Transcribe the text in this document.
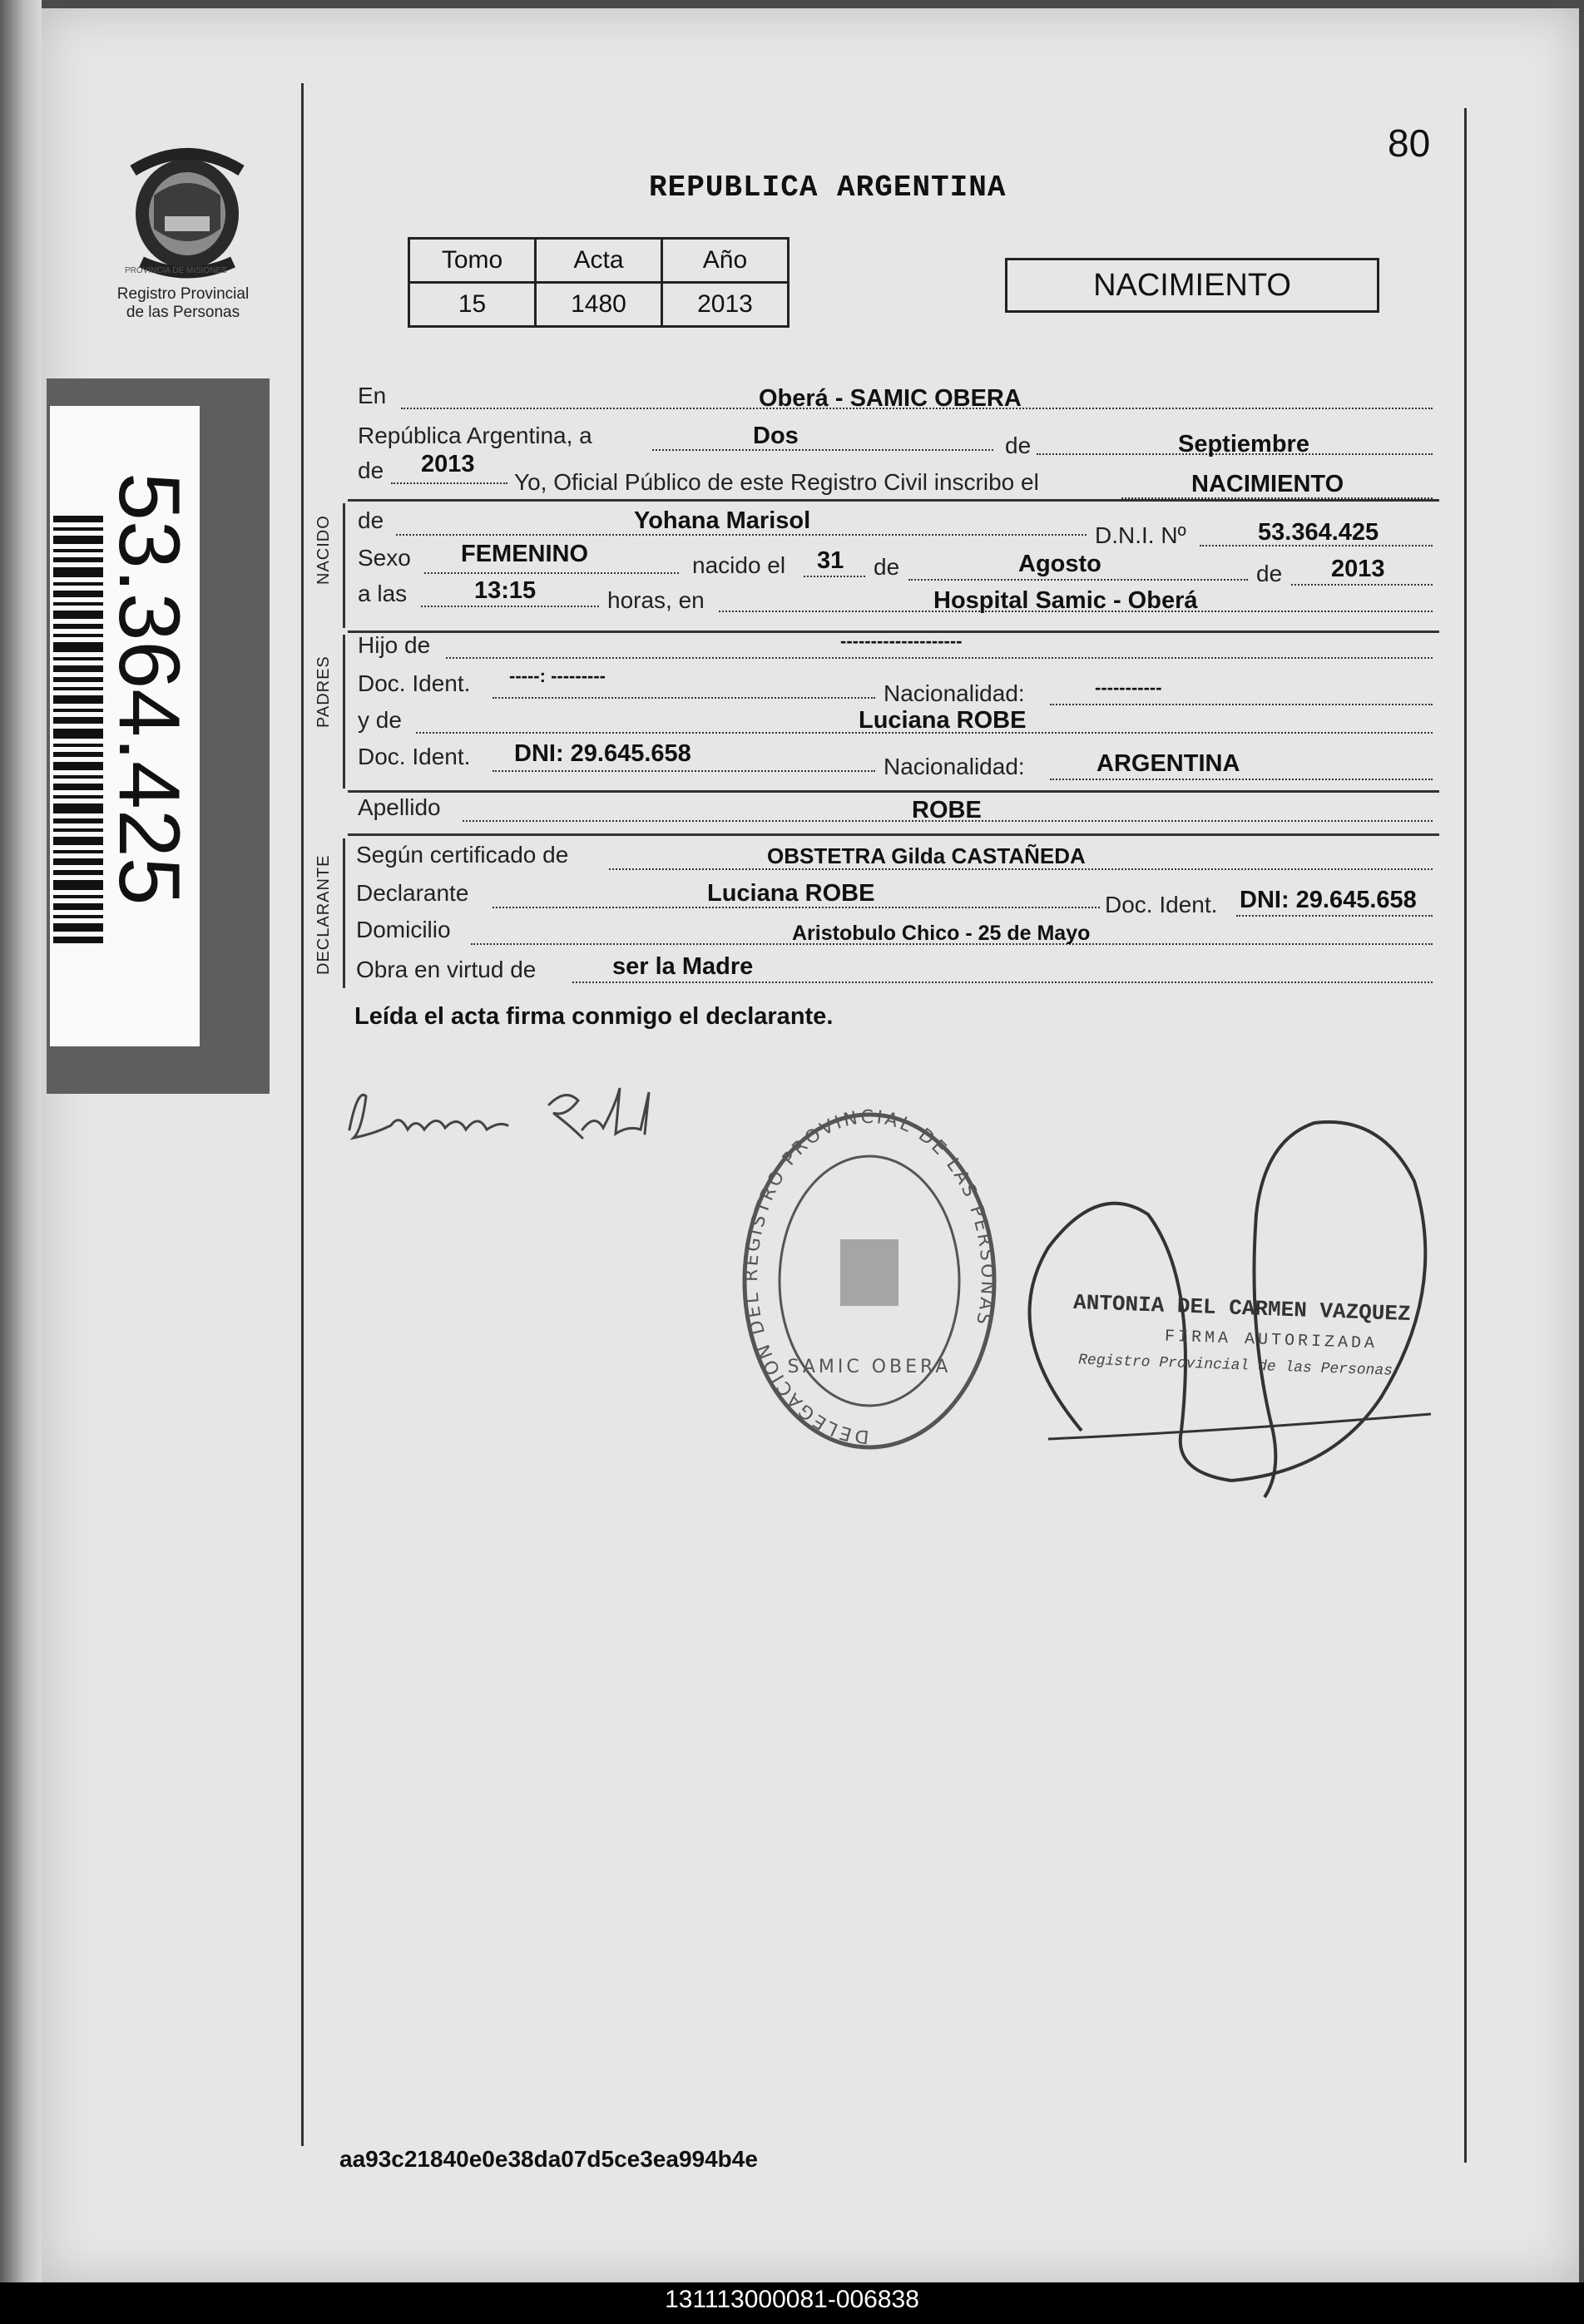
Registro Provincial
de las Personas
PROVINCIA DE MISIONES
53.364.425
REPUBLICA ARGENTINA
80
Tomo	Acta	Año
15	1480	2013
NACIMIENTO
En	Oberá - SAMIC OBERA
República Argentina, a	Dos	de	Septiembre
de 2013
Yo, Oficial Público de este Registro Civil inscribo el	NACIMIENTO
NACIDO de	Yohana Marisol
D.N.I. Nº	53.364.425
Sexo FEMENINO	nacido el 31 de	Agosto	de 2013
a las	13:15	horas, en	Hospital Samic - Oberá
PADRES
Hijo de	--------------------
Doc. Ident. -----: ---------
Nacionalidad:	-----------
y de	Luciana ROBE
Doc. Ident. DNI: 29.645.658	Nacionalidad:	ARGENTINA
Apellido	ROBE
DECLARANTE
Según certificado de	OBSTETRA Gilda CASTAÑEDA
Declarante	Luciana ROBE	Doc. Ident. DNI: 29.645.658
Domicilio	Aristobulo Chico - 25 de Mayo
Obra en virtud de	ser la Madre
Leída el acta firma conmigo el declarante.
DELEGACION DEL REGISTRO PROVINCIAL DE LAS PERSONAS
SAMIC OBERA
ANTONIA DEL CARMEN VAZQUEZ
FIRMA AUTORIZADA
Registro Provincial de las Personas
aa93c21840e0e38da07d5ce3ea994b4e
131113000081-006838
